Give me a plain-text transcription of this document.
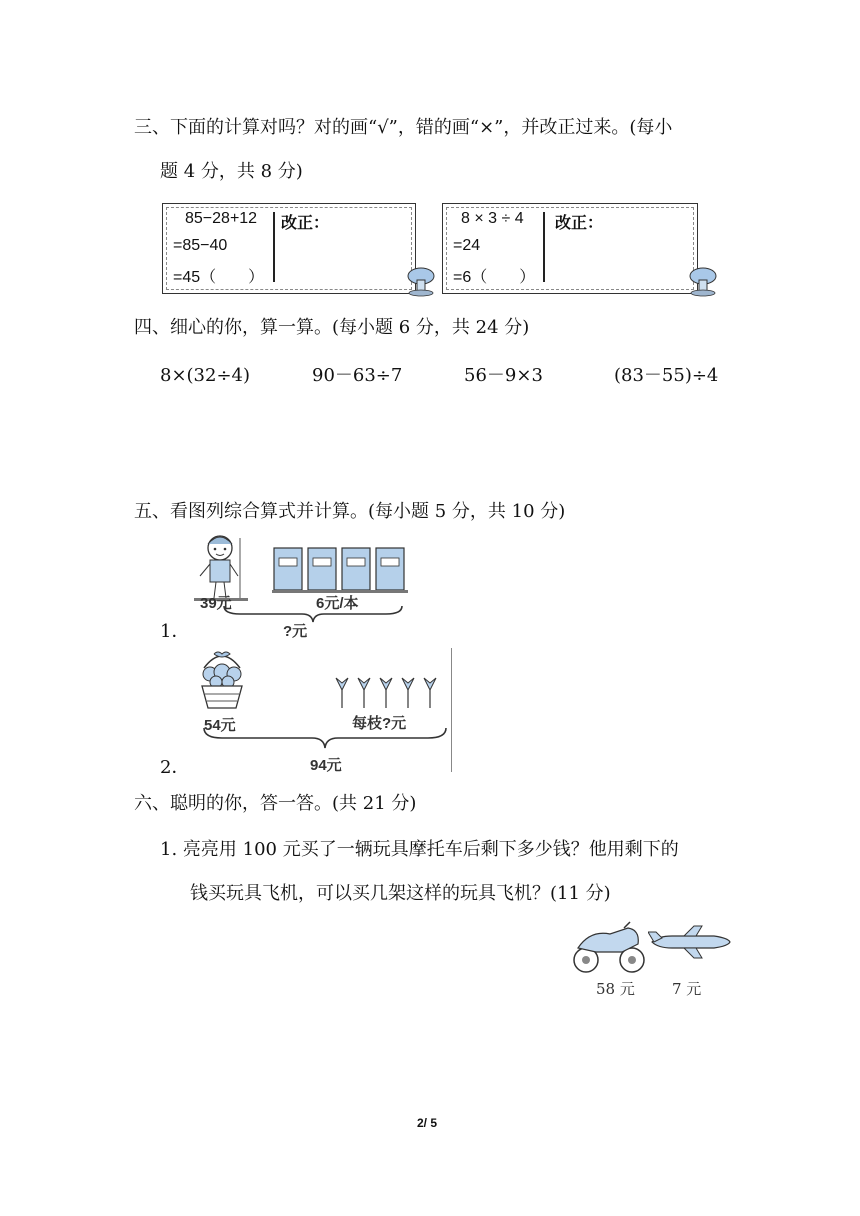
三、下面的计算对吗？对的画“√”，错的画“×”，并改正过来。(每小
题 4 分，共 8 分)
85−28+12
=85−40
=45（　　）
改正：	8 × 3 ÷ 4
=24
=6（　　）
改正：
四、细心的你，算一算。(每小题 6 分，共 24 分)
8×(32÷4)	90－63÷7	56－9×3	(83－55)÷4
五、看图列综合算式并计算。(每小题 5 分，共 10 分)
39元	6元/本
1．	?元
54元	每枝?元
2．	94元
六、聪明的你，答一答。(共 21 分)
1. 亮亮用 100 元买了一辆玩具摩托车后剩下多少钱？他用剩下的
钱买玩具飞机，可以买几架这样的玩具飞机？(11 分)
58 元 7 元
2/ 5
